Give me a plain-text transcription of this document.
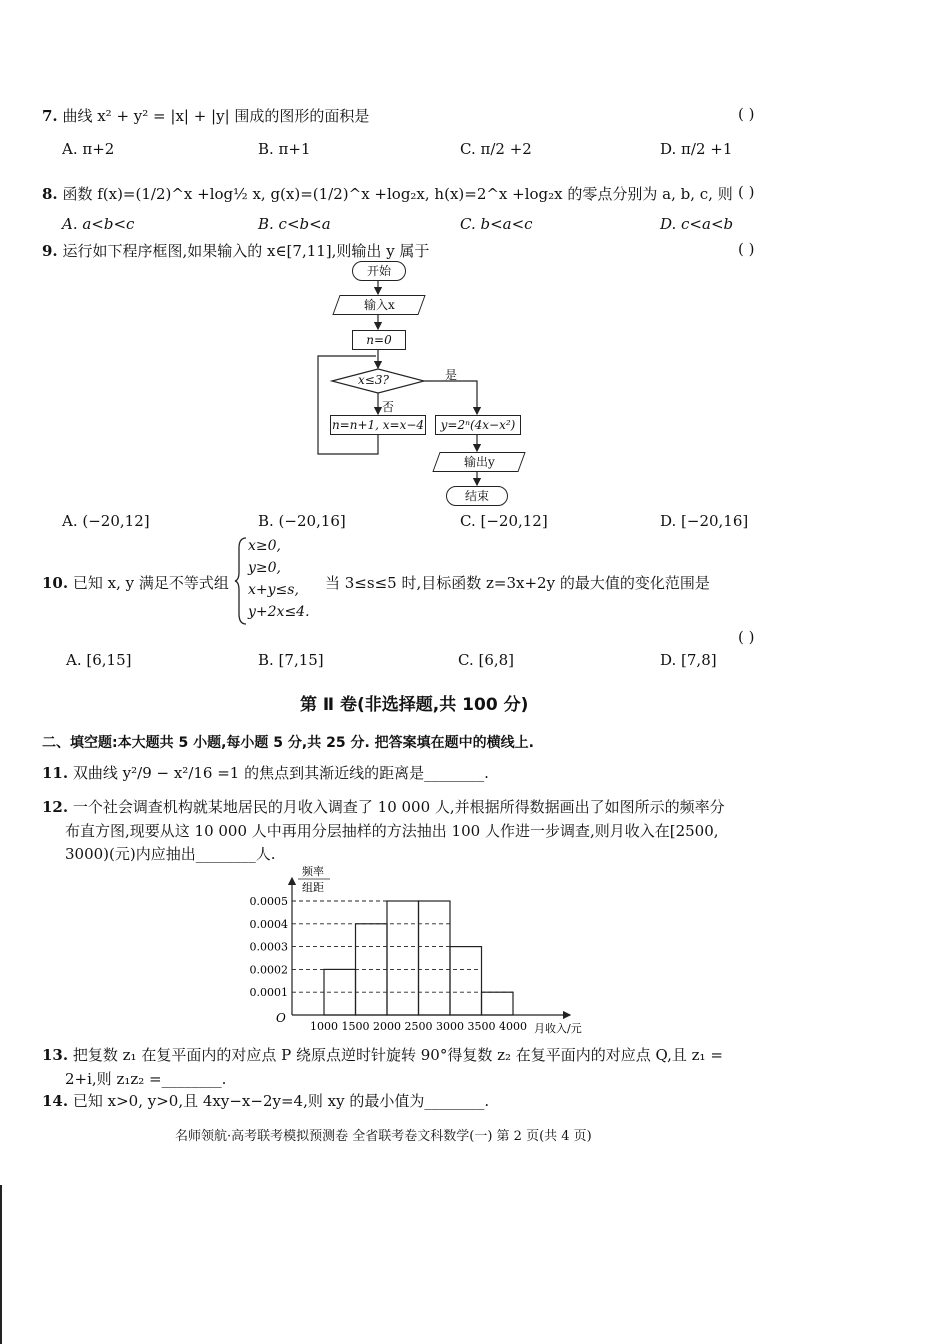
7. 曲线 x² + y² = |x| + |y| 围成的图形的面积是	( )
A. π+2	B. π+1	C. π/2 +2	D. π/2 +1
8. 函数 f(x)=(1/2)^x +log½ x, g(x)=(1/2)^x +log₂x, h(x)=2^x +log₂x 的零点分别为 a, b, c, 则 ( )
A. a<b<c	B. c<b<a	C. b<a<c	D. c<a<b
9. 运行如下程序框图,如果输入的 x∈[7,11],则输出 y 属于	( )
开始
输入x
n=0
x≤3?	是
否
n=n+1, x=x−4	y=2ⁿ(4x−x²)
输出y
结束
A. (−20,12]	B. (−20,16]	C. [−20,12]	D. [−20,16]
10. 已知 x, y 满足不等式组
x≥0,
y≥0,
x+y≤s,
y+2x≤4.
当 3≤s≤5 时,目标函数 z=3x+2y 的最大值的变化范围是
( )
A. [6,15]	B. [7,15]	C. [6,8]	D. [7,8]
第 Ⅱ 卷(非选择题,共 100 分)
二、填空题:本大题共 5 小题,每小题 5 分,共 25 分. 把答案填在题中的横线上.
11. 双曲线 y²/9 − x²/16 =1 的焦点到其渐近线的距离是________.
12. 一个社会调查机构就某地居民的月收入调查了 10 000 人,并根据所得数据画出了如图所示的频率分
布直方图,现要从这 10 000 人中再用分层抽样的方法抽出 100 人作进一步调查,则月收入在[2500,
3000)(元)内应抽出________人.
频率
组距
月收入/元
O
0.0001
0.0002
0.0003
0.0004
0.0005
1000 1500 2000 2500 3000 3500 4000
13. 把复数 z₁ 在复平面内的对应点 P 绕原点逆时针旋转 90°得复数 z₂ 在复平面内的对应点 Q,且 z₁ =
2+i,则 z₁z₂ =________.
14. 已知 x>0, y>0,且 4xy−x−2y=4,则 xy 的最小值为________.
名师领航·高考联考模拟预测卷 全省联考卷文科数学(一) 第 2 页(共 4 页)
